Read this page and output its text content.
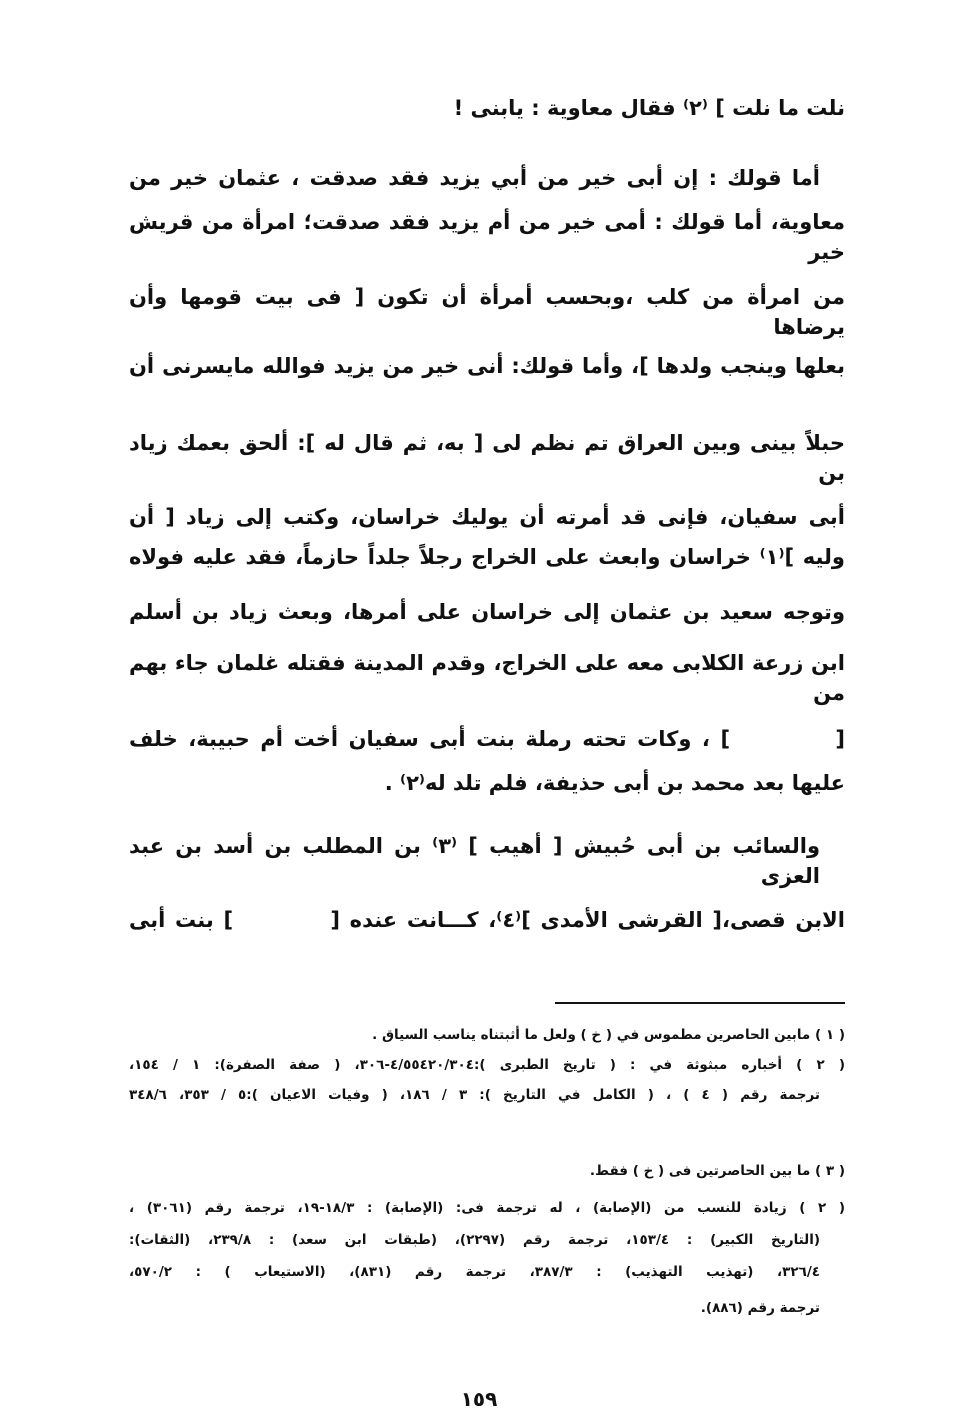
نلت ما نلت ] ⁽٢⁾ فقال معاوية : يابنى !
أما قولك : إن أبى خير من أبي يزيد فقد صدقت ، عثمان خير من
معاوية، أما قولك : أمى خير من أم يزيد فقد صدقت؛ امرأة من قريش خير
من امرأة من كلب ،وبحسب أمرأة أن تكون [ فى بيت قومها وأن يرضاها
بعلها وينجب ولدها ]، وأما قولك: أنى خير من يزيد فوالله مايسرنى أن
حبلاً بينى وبين العراق تم نظم لى [ به، ثم قال له ]: ألحق بعمك زياد بن
أبى سفيان، فإنى قد أمرته أن يوليك خراسان، وكتب إلى زياد [ أن
وليه ]⁽١⁾ خراسان وابعث على الخراج رجلاً جلداً حازماً، فقد عليه فولاه
وتوجه سعيد بن عثمان إلى خراسان على أمرها، وبعث زياد بن أسلم
ابن زرعة الكلابى معه على الخراج، وقدم المدينة فقتله غلمان جاء بهم من
[          ] ، وكات تحته رملة بنت أبى سفيان أخت أم حبيبة، خلف
عليها بعد محمد بن أبى حذيفة، فلم تلد له⁽٢⁾ .
والسائب بن أبى حُبيش [ أهيب ] ⁽٣⁾ بن المطلب بن أسد بن عبد العزى
الابن قصى،[ القرشى الأمدى ]⁽٤⁾، كـــانت عنده [          ] بنت أبى
( ١ ) مابين الحاصرين مطموس في ( خ ) ولعل ما أثبتناه يناسب السياق .
( ٢ ) أخباره مبثوثة في : ( تاريخ الطبرى ):٤/٥٥٤٢٠/٣٠٤-٣٠٦، ( صفة الصفرة): ١ / ١٥٤،
ترجمة رقم ( ٤ ) ، ( الكامل في التاريخ ): ٣ / ١٨٦، ( وفيات الاعيان ):٥ / ٣٥٣، ٣٤٨/٦
( ٣ ) ما بين الحاصرتين فى ( خ ) فقط.
( ٢ ) زيادة للنسب من (الإصابة) ، له ترجمة فى: (الإصابة) : ١٨/٣-١٩، ترجمة رقم (٣٠٦١) ،
(التاريخ الكبير) : ١٥٣/٤، ترجمة رقم (٢٢٩٧)، (طبقات ابن سعد) : ٢٣٩/٨، (الثقات):
٣٢٦/٤، (تهذيب التهذيب) : ٣٨٧/٣، ترجمة رقم (٨٣١)، (الاستيعاب ) : ٥٧٠/٢،
ترجمة رقم (٨٨٦).
١٥٩
